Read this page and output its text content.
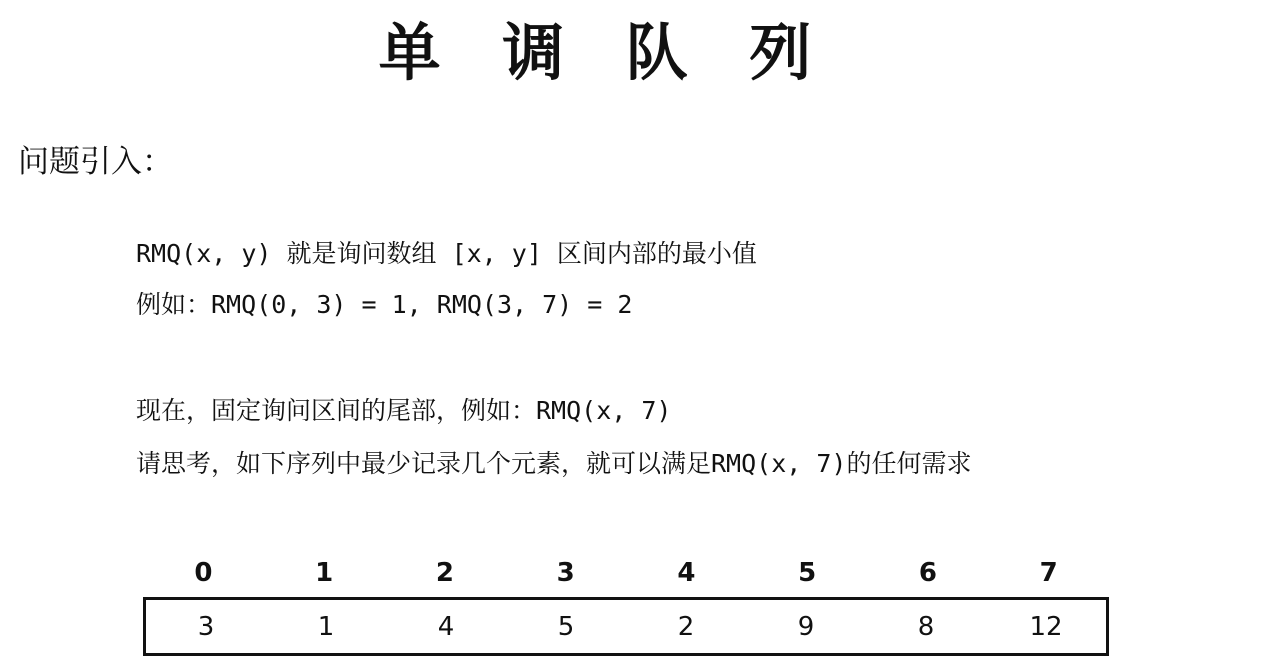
单 调 队 列
问题引入：
RMQ(x, y) 就是询问数组 [x, y] 区间内部的最小值
例如：RMQ(0, 3) = 1, RMQ(3, 7) = 2
现在，固定询问区间的尾部，例如：RMQ(x, 7)
请思考，如下序列中最少记录几个元素，就可以满足RMQ(x, 7)的任何需求
0	1	2	3	4	5	6	7
3	1	4	5	2	9	8	12
